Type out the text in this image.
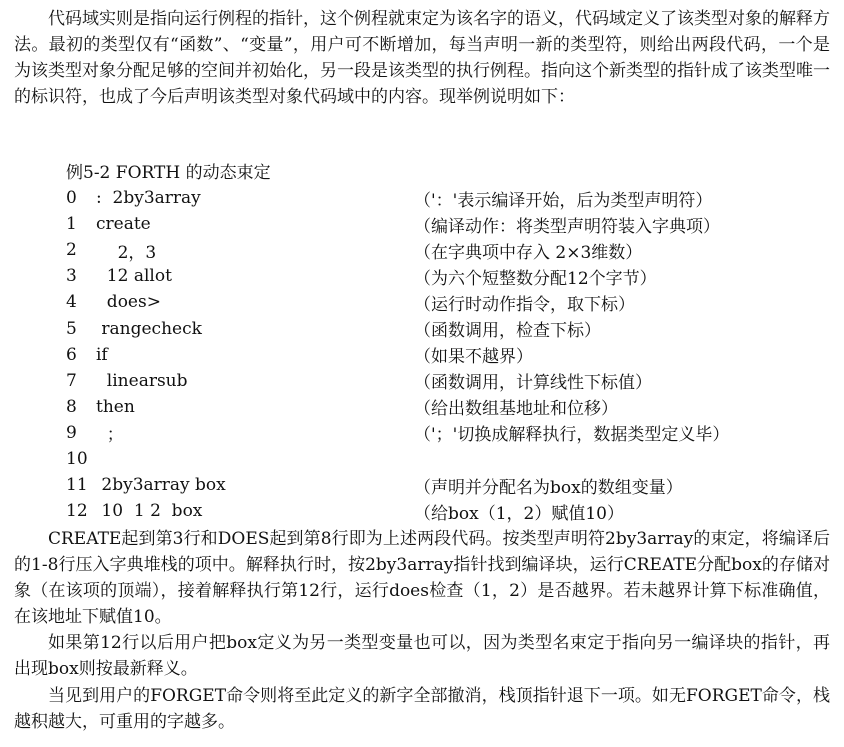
代码域实则是指向运行例程的指针，这个例程就束定为该名字的语义，代码域定义了该类型对象的解释方法。最初的类型仅有“函数”、“变量”，用户可不断增加，每当声明一新的类型符，则给出两段代码，一个是为该类型对象分配足够的空间并初始化，另一段是该类型的执行例程。指向这个新类型的指针成了该类型唯一的标识符，也成了今后声明该类型对象代码域中的内容。现举例说明如下：

例5-2 FORTH 的动态束定

0	:  2by3array	（'：'表示编译开始，后为类型声明符）
1	create	（编译动作：将类型声明符装入字典项）
2	2，3	（在字典项中存入 2×3维数）
3	12 allot	（为六个短整数分配12个字节）
4	does>	（运行时动作指令，取下标）
5	rangecheck	（函数调用，检查下标）
6	if	（如果不越界）
7	linearsub	（函数调用，计算线性下标值）
8	then	（给出数组基地址和位移）
9	；	（'；'切换成解释执行，数据类型定义毕）
10		
11	2by3array box	（声明并分配名为box的数组变量）
12	10  1 2  box	（给box（1，2）赋值10）

CREATE起到第3行和DOES起到第8行即为上述两段代码。按类型声明符2by3array的束定，将编译后的1-8行压入字典堆栈的项中。解释执行时，按2by3array指针找到编译块，运行CREATE分配box的存储对象（在该项的顶端），接着解释执行第12行，运行does检查（1，2）是否越界。若未越界计算下标准确值，在该地址下赋值10。

如果第12行以后用户把box定义为另一类型变量也可以，因为类型名束定于指向另一编译块的指针，再出现box则按最新释义。

当见到用户的FORGET命令则将至此定义的新字全部撤消，栈顶指针退下一项。如无FORGET命令，栈越积越大，可重用的字越多。
